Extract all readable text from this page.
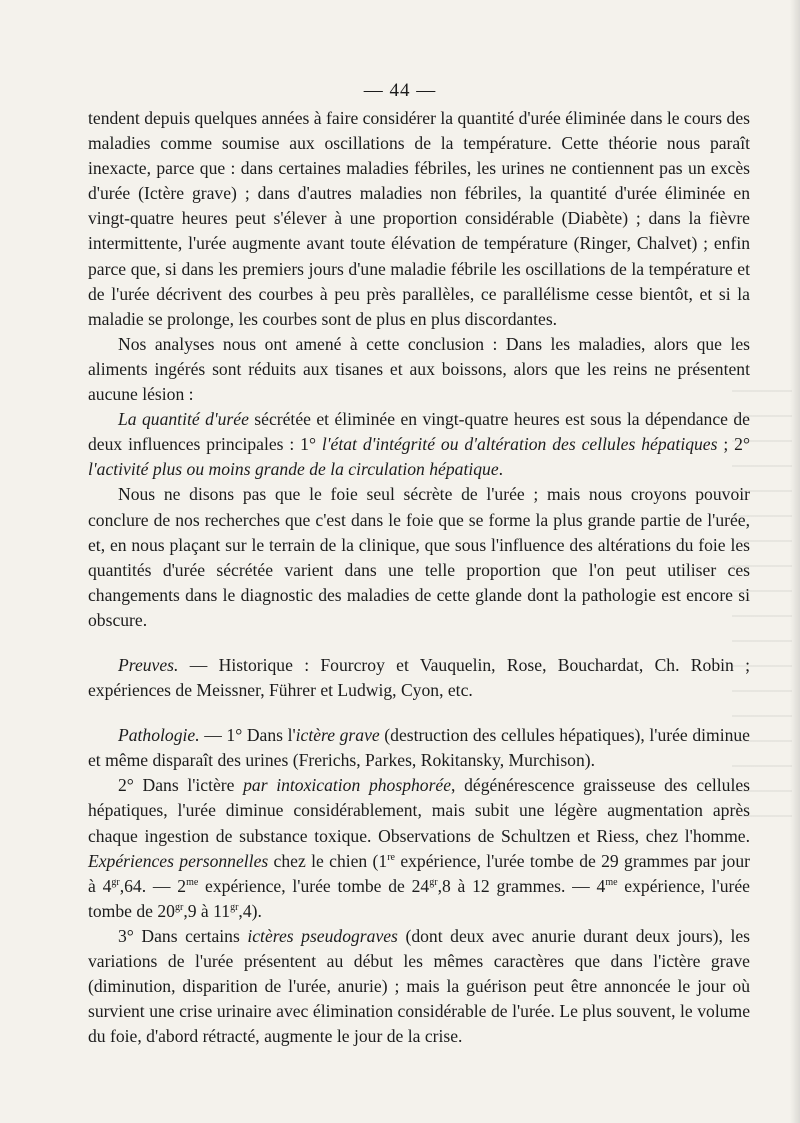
— 44 —

tendent depuis quelques années à faire considérer la quantité d'urée éliminée dans le cours des maladies comme soumise aux oscillations de la température. Cette théorie nous paraît inexacte, parce que : dans certaines maladies fébriles, les urines ne contiennent pas un excès d'urée (Ictère grave) ; dans d'autres maladies non fébriles, la quantité d'urée éliminée en vingt-quatre heures peut s'élever à une proportion considérable (Diabète) ; dans la fièvre intermittente, l'urée augmente avant toute élévation de température (Ringer, Chalvet) ; enfin parce que, si dans les premiers jours d'une maladie fébrile les oscillations de la température et de l'urée décrivent des courbes à peu près parallèles, ce parallélisme cesse bientôt, et si la maladie se prolonge, les courbes sont de plus en plus discordantes.

Nos analyses nous ont amené à cette conclusion : Dans les maladies, alors que les aliments ingérés sont réduits aux tisanes et aux boissons, alors que les reins ne présentent aucune lésion :

La quantité d'urée sécrétée et éliminée en vingt-quatre heures est sous la dépendance de deux influences principales : 1° l'état d'intégrité ou d'altération des cellules hépatiques ; 2° l'activité plus ou moins grande de la circulation hépatique.

Nous ne disons pas que le foie seul sécrète de l'urée ; mais nous croyons pouvoir conclure de nos recherches que c'est dans le foie que se forme la plus grande partie de l'urée, et, en nous plaçant sur le terrain de la clinique, que sous l'influence des altérations du foie les quantités d'urée sécrétée varient dans une telle proportion que l'on peut utiliser ces changements dans le diagnostic des maladies de cette glande dont la pathologie est encore si obscure.

Preuves. — Historique : Fourcroy et Vauquelin, Rose, Bouchardat, Ch. Robin ; expériences de Meissner, Führer et Ludwig, Cyon, etc.

Pathologie. — 1° Dans l'ictère grave (destruction des cellules hépatiques), l'urée diminue et même disparaît des urines (Frerichs, Parkes, Rokitansky, Murchison).

2° Dans l'ictère par intoxication phosphorée, dégénérescence graisseuse des cellules hépatiques, l'urée diminue considérablement, mais subit une légère augmentation après chaque ingestion de substance toxique. Observations de Schultzen et Riess, chez l'homme. Expériences personnelles chez le chien (1re expérience, l'urée tombe de 29 grammes par jour à $4^{gr},64$. — $2^{me}$ expérience, l'urée tombe de $24^{gr},8$ à 12 grammes. — $4^{me}$ expérience, l'urée tombe de $20^{gr},9$ à $11^{gr},4$).

3° Dans certains ictères pseudograves (dont deux avec anurie durant deux jours), les variations de l'urée présentent au début les mêmes caractères que dans l'ictère grave (diminution, disparition de l'urée, anurie) ; mais la guérison peut être annoncée le jour où survient une crise urinaire avec élimination considérable de l'urée. Le plus souvent, le volume du foie, d'abord rétracté, augmente le jour de la crise.
